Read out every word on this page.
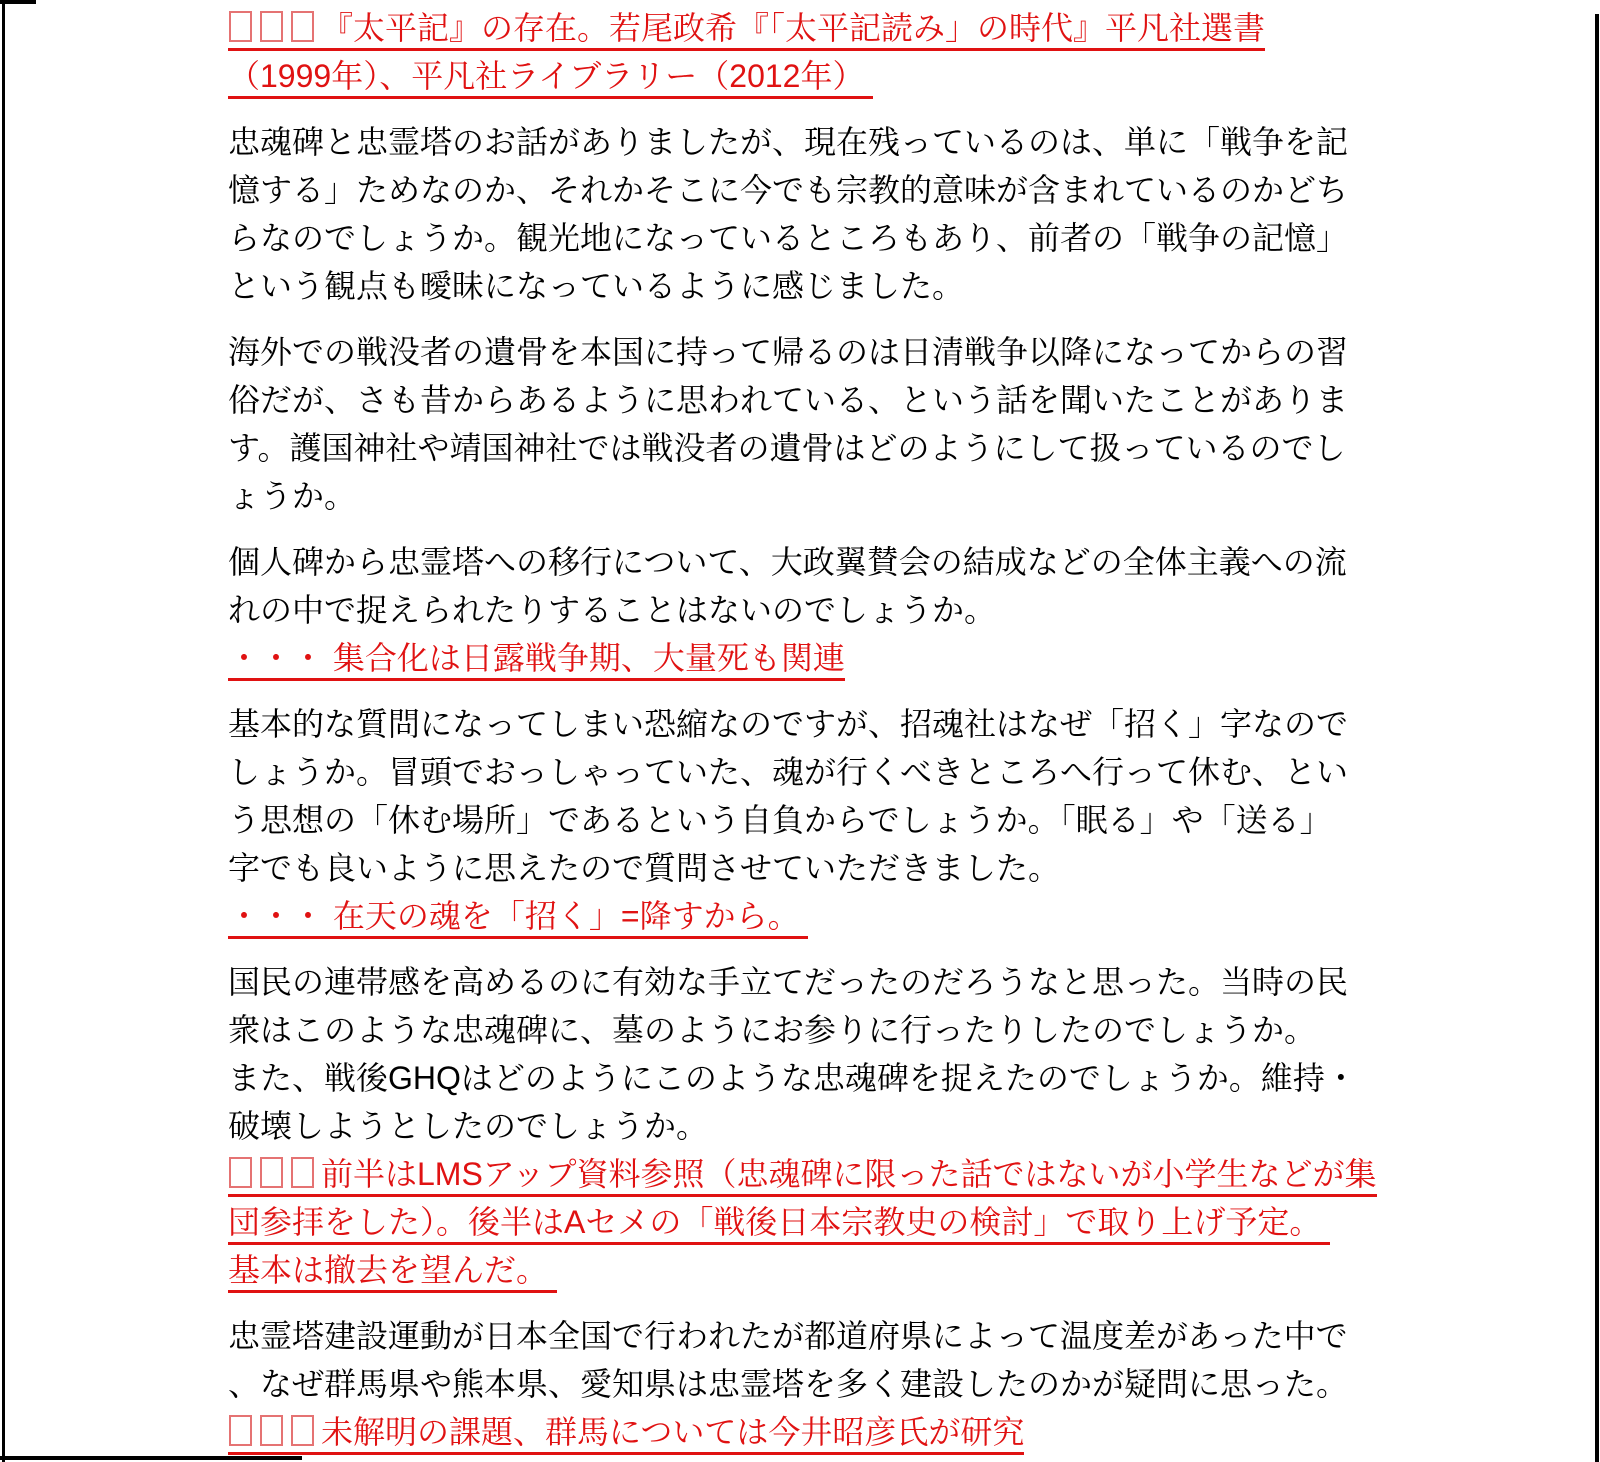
『太平記』の存在。若尾政希『「太平記読み」の時代』平凡社選書
（1999年）、平凡社ライブラリー（2012年）
忠魂碑と忠霊塔のお話がありましたが、現在残っているのは、単に「戦争を記
憶する」ためなのか、それかそこに今でも宗教的意味が含まれているのかどち
らなのでしょうか。観光地になっているところもあり、前者の「戦争の記憶」
という観点も曖昧になっているように感じました。
海外での戦没者の遺骨を本国に持って帰るのは日清戦争以降になってからの習
俗だが、さも昔からあるように思われている、という話を聞いたことがありま
す。護国神社や靖国神社では戦没者の遺骨はどのようにして扱っているのでし
ょうか。
個人碑から忠霊塔への移行について、大政翼賛会の結成などの全体主義への流
れの中で捉えられたりすることはないのでしょうか。
・・・ 集合化は日露戦争期、大量死も関連
基本的な質問になってしまい恐縮なのですが、招魂社はなぜ「招く」字なので
しょうか。冒頭でおっしゃっていた、魂が行くべきところへ行って休む、とい
う思想の「休む場所」であるという自負からでしょうか。「眠る」や「送る」
字でも良いように思えたので質問させていただきました。
・・・ 在天の魂を「招く」=降すから。
国民の連帯感を高めるのに有効な手立てだったのだろうなと思った。当時の民
衆はこのような忠魂碑に、墓のようにお参りに行ったりしたのでしょうか。
また、戦後GHQはどのようにこのような忠魂碑を捉えたのでしょうか。維持・
破壊しようとしたのでしょうか。
前半はLMSアップ資料参照（忠魂碑に限った話ではないが小学生などが集
団参拝をした）。後半はAセメの「戦後日本宗教史の検討」で取り上げ予定。
基本は撤去を望んだ。
忠霊塔建設運動が日本全国で行われたが都道府県によって温度差があった中で
、なぜ群馬県や熊本県、愛知県は忠霊塔を多く建設したのかが疑問に思った。
未解明の課題、群馬については今井昭彦氏が研究
